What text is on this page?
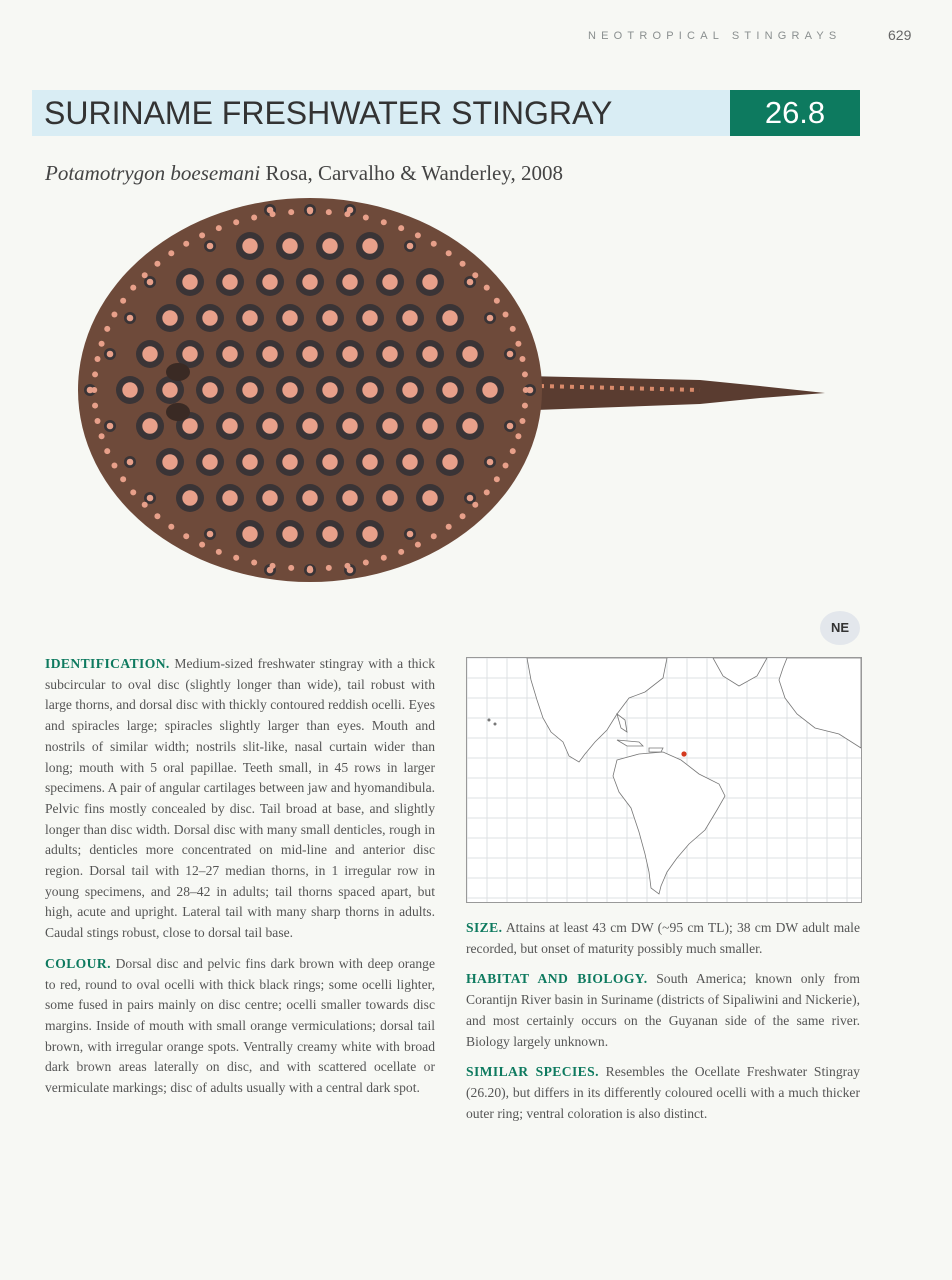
NEOTROPICAL STINGRAYS	629
SURINAME FRESHWATER STINGRAY	26.8
Potamotrygon boesemani Rosa, Carvalho & Wanderley, 2008
NE

IDENTIFICATION. Medium-sized freshwater stingray with a thick subcircular to oval disc (slightly longer than wide), tail robust with large thorns, and dorsal disc with thickly contoured reddish ocelli. Eyes and spiracles large; spiracles slightly larger than eyes. Mouth and nostrils of similar width; nostrils slit-like, nasal curtain wider than long; mouth with 5 oral papillae. Teeth small, in 45 rows in larger specimens. A pair of angular cartilages between jaw and hyomandibula. Pelvic fins mostly concealed by disc. Tail broad at base, and slightly longer than disc width. Dorsal disc with many small denticles, rough in adults; denticles more concentrated on mid-line and anterior disc region. Dorsal tail with 12–27 median thorns, in 1 irregular row in young specimens, and 28–42 in adults; tail thorns spaced apart, but high, acute and upright. Lateral tail with many sharp thorns in adults. Caudal stings robust, close to dorsal tail base.

COLOUR. Dorsal disc and pelvic fins dark brown with deep orange to red, round to oval ocelli with thick black rings; some ocelli lighter, some fused in pairs mainly on disc centre; ocelli smaller towards disc margins. Inside of mouth with small orange vermiculations; dorsal tail brown, with irregular orange spots. Ventrally creamy white with broad dark brown areas laterally on disc, and with scattered ocellate or vermiculate markings; disc of adults usually with a central dark spot.

SIZE. Attains at least 43 cm DW (~95 cm TL); 38 cm DW adult male recorded, but onset of maturity possibly much smaller.

HABITAT AND BIOLOGY. South America; known only from Corantijn River basin in Suriname (districts of Sipaliwini and Nickerie), and most certainly occurs on the Guyanan side of the same river. Biology largely unknown.

SIMILAR SPECIES. Resembles the Ocellate Freshwater Stingray (26.20), but differs in its differently coloured ocelli with a much thicker outer ring; ventral coloration is also distinct.
